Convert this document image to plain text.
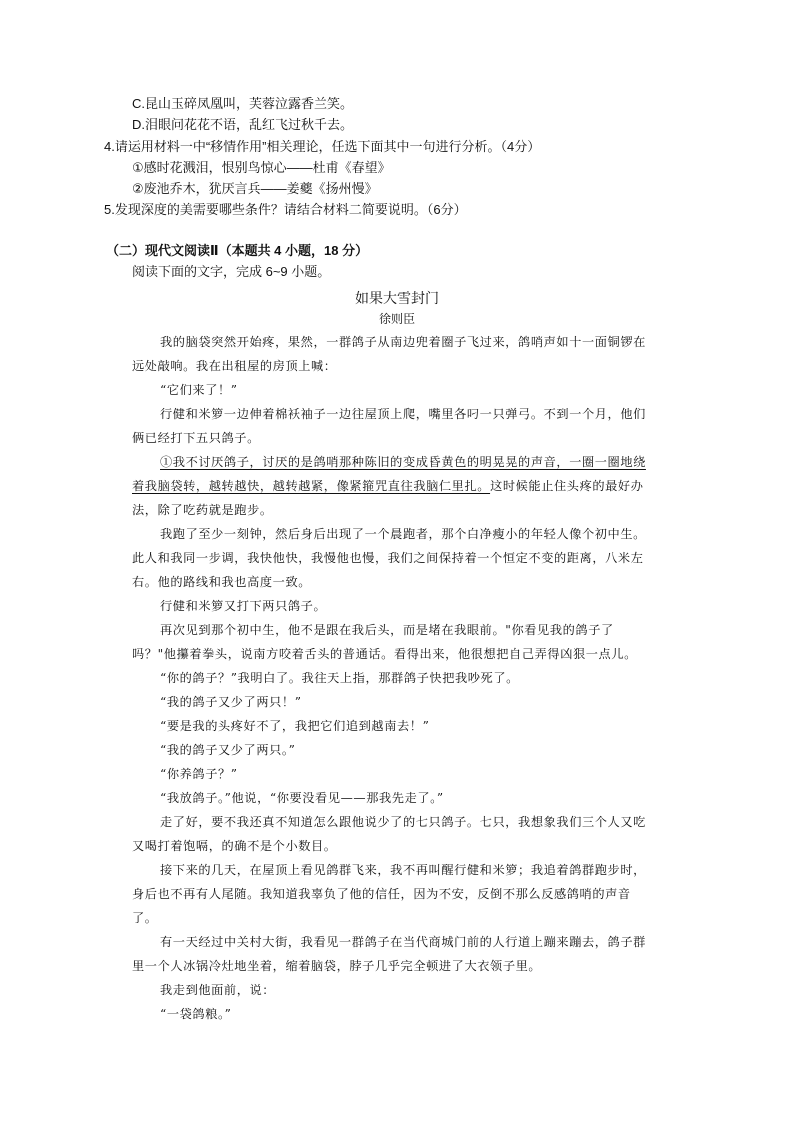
C.昆山玉碎凤凰叫，芙蓉泣露香兰笑。
D.泪眼问花花不语，乱红飞过秋千去。
4.请运用材料一中“移情作用”相关理论，任选下面其中一句进行分析。（4分）
①感时花溅泪，恨别鸟惊心——杜甫《春望》
②废池乔木，犹厌言兵——姜夔《扬州慢》
5.发现深度的美需要哪些条件？请结合材料二简要说明。（6分）
（二）现代文阅读Ⅱ（本题共 4 小题，18 分）
阅读下面的文字，完成 6~9 小题。
如果大雪封门
徐则臣
我的脑袋突然开始疼，果然，一群鸽子从南边兜着圈子飞过来，鸽哨声如十一面铜锣在
远处敲响。我在出租屋的房顶上喊：
“它们来了！”
行健和米箩一边伸着棉袄袖子一边往屋顶上爬，嘴里各叼一只弹弓。不到一个月，他们
俩已经打下五只鸽子。
①我不讨厌鸽子，讨厌的是鸽哨那种陈旧的变成昏黄色的明晃晃的声音，一圈一圈地绕
着我脑袋转，越转越快，越转越紧，像紧箍咒直往我脑仁里扎。这时候能止住头疼的最好办
法，除了吃药就是跑步。
我跑了至少一刻钟，然后身后出现了一个晨跑者，那个白净瘦小的年轻人像个初中生。
此人和我同一步调，我快他快，我慢他也慢，我们之间保持着一个恒定不变的距离，八米左
右。他的路线和我也高度一致。
行健和米箩又打下两只鸽子。
再次见到那个初中生，他不是跟在我后头，而是堵在我眼前。"你看见我的鸽子了
吗？"他攥着拳头，说南方咬着舌头的普通话。看得出来，他很想把自己弄得凶狠一点儿。
“你的鸽子？”我明白了。我往天上指，那群鸽子快把我吵死了。
“我的鸽子又少了两只！”
“要是我的头疼好不了，我把它们追到越南去！”
“我的鸽子又少了两只。”
“你养鸽子？”
“我放鸽子。”他说，“你要没看见——那我先走了。”
走了好，要不我还真不知道怎么跟他说少了的七只鸽子。七只，我想象我们三个人又吃
又喝打着饱嗝，的确不是个小数目。
接下来的几天，在屋顶上看见鸽群飞来，我不再叫醒行健和米箩；我追着鸽群跑步时，
身后也不再有人尾随。我知道我辜负了他的信任，因为不安，反倒不那么反感鸽哨的声音
了。
有一天经过中关村大街，我看见一群鸽子在当代商城门前的人行道上蹦来蹦去，鸽子群
里一个人冰锅冷灶地坐着，缩着脑袋，脖子几乎完全顿进了大衣领子里。
我走到他面前，说：
“一袋鸽粮。”
